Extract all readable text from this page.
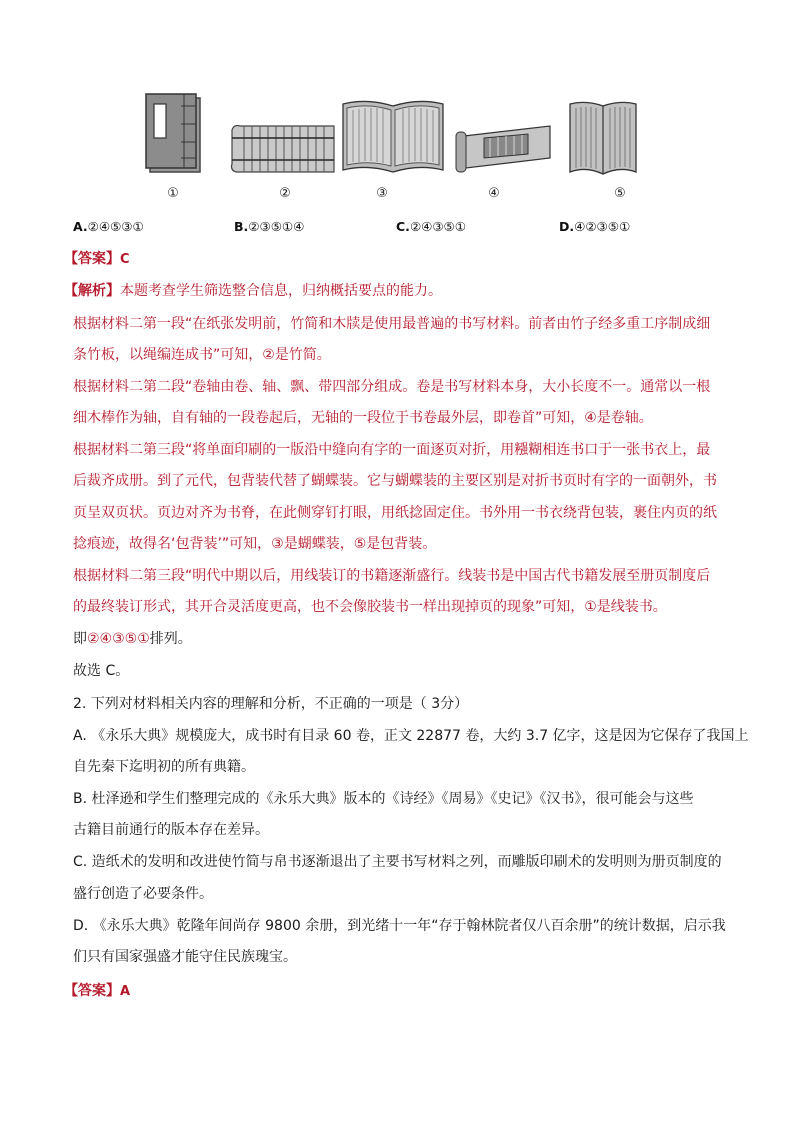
①	②	③	④	⑤
A.②④⑤③①	B.②③⑤①④	C.②④③⑤①	D.④②③⑤①
【答案】C
【解析】本题考查学生筛选整合信息，归纳概括要点的能力。
根据材料二第一段“在纸张发明前，竹简和木牍是使用最普遍的书写材料。前者由竹子经多重工序制成细
条竹板，以绳编连成书”可知，②是竹简。
根据材料二第二段“卷轴由卷、轴、飘、带四部分组成。卷是书写材料本身，大小长度不一。通常以一根
细木棒作为轴，自有轴的一段卷起后，无轴的一段位于书卷最外层，即卷首”可知，④是卷轴。
根据材料二第三段“将单面印刷的一版沿中缝向有字的一面逐页对折，用糨糊相连书口于一张书衣上，最
后裁齐成册。到了元代，包背装代替了蝴蝶装。它与蝴蝶装的主要区别是对折书页时有字的一面朝外，书
页呈双页状。页边对齐为书脊，在此侧穿钉打眼，用纸捻固定住。书外用一书衣绕背包装，裹住内页的纸
捻痕迹，故得名‘包背装’”可知，③是蝴蝶装，⑤是包背装。
根据材料二第三段“明代中期以后，用线装订的书籍逐渐盛行。线装书是中国古代书籍发展至册页制度后
的最终装订形式，其开合灵活度更高，也不会像胶装书一样出现掉页的现象”可知，①是线装书。
即②④③⑤①排列。
故选 C。
2. 下列对材料相关内容的理解和分析，不正确的一项是（ 3分）
A. 《永乐大典》规模庞大，成书时有目录 60 卷，正文 22877 卷，大约 3.7 亿字，这是因为它保存了我国上
自先秦下迄明初的所有典籍。
B. 杜泽逊和学生们整理完成的《永乐大典》版本的《诗经》《周易》《史记》《汉书》，很可能会与这些
古籍目前通行的版本存在差异。
C. 造纸术的发明和改进使竹简与帛书逐渐退出了主要书写材料之列，而雕版印刷术的发明则为册页制度的
盛行创造了必要条件。
D. 《永乐大典》乾隆年间尚存 9800 余册，到光绪十一年“存于翰林院者仅八百余册”的统计数据，启示我
们只有国家强盛才能守住民族瑰宝。
【答案】A
